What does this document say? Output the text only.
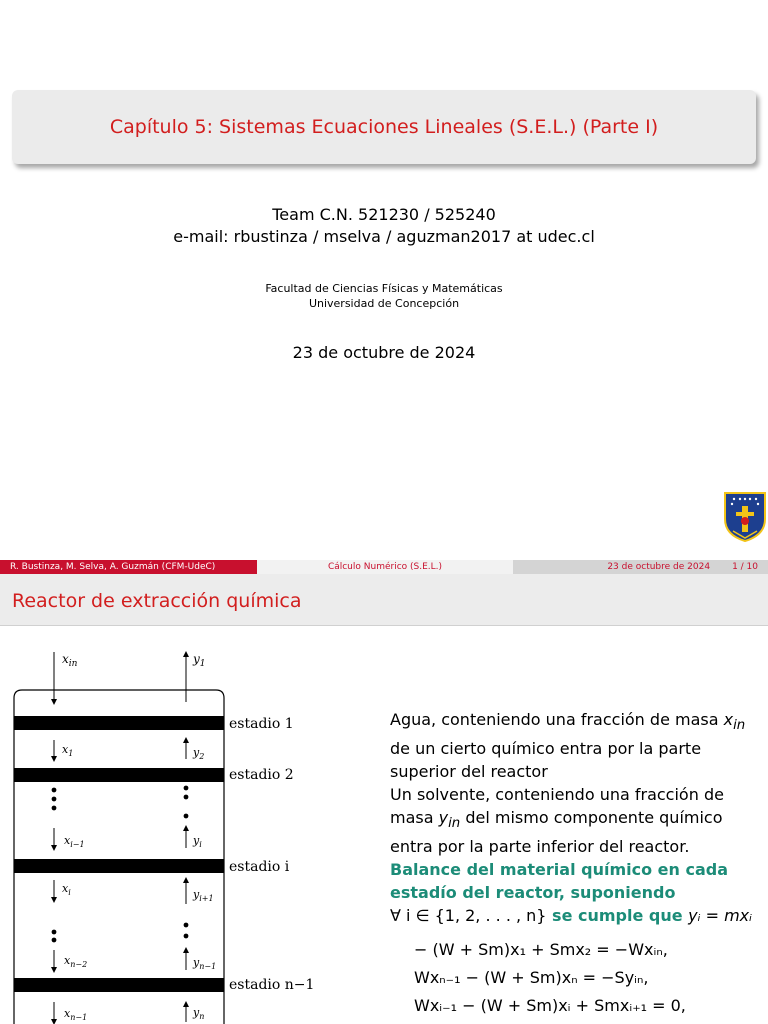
Capítulo 5: Sistemas Ecuaciones Lineales (S.E.L.) (Parte I)
Team C.N. 521230 / 525240
e-mail: rbustinza / mselva / aguzman2017 at udec.cl
Facultad de Ciencias Físicas y Matemáticas
Universidad de Concepción
23 de octubre de 2024
R. Bustinza, M. Selva, A. Guzmán (CFM-UdeC)	Cálculo Numérico (S.E.L.)	23 de octubre de 2024 1 / 10
Reactor de extracción química
$x_{in}$	$y_1$
estadio 1
estadio 2
estadio i
estadio n−1
$x_1$	$y_2$
$x_{i-1}$	$y_i$
$x_i$	$y_{i+1}$
$x_{n-2}$	$y_{n-1}$
$x_{n-1}$	$y_n$
Agua, conteniendo una fracción de masa $x_{in}$
de un cierto químico entra por la parte
superior del reactor
Un solvente, conteniendo una fracción de
masa $y_{in}$ del mismo componente químico
entra por la parte inferior del reactor.
Balance del material químico en cada
estadío del reactor, suponiendo
∀ i ∈ {1, 2, . . . , n} se cumple que yᵢ = mxᵢ
− (W + Sm)x₁ + Smx₂ = −Wxᵢₙ,
Wxₙ₋₁ − (W + Sm)xₙ = −Syᵢₙ,
Wxᵢ₋₁ − (W + Sm)xᵢ + Smxᵢ₊₁ = 0,
